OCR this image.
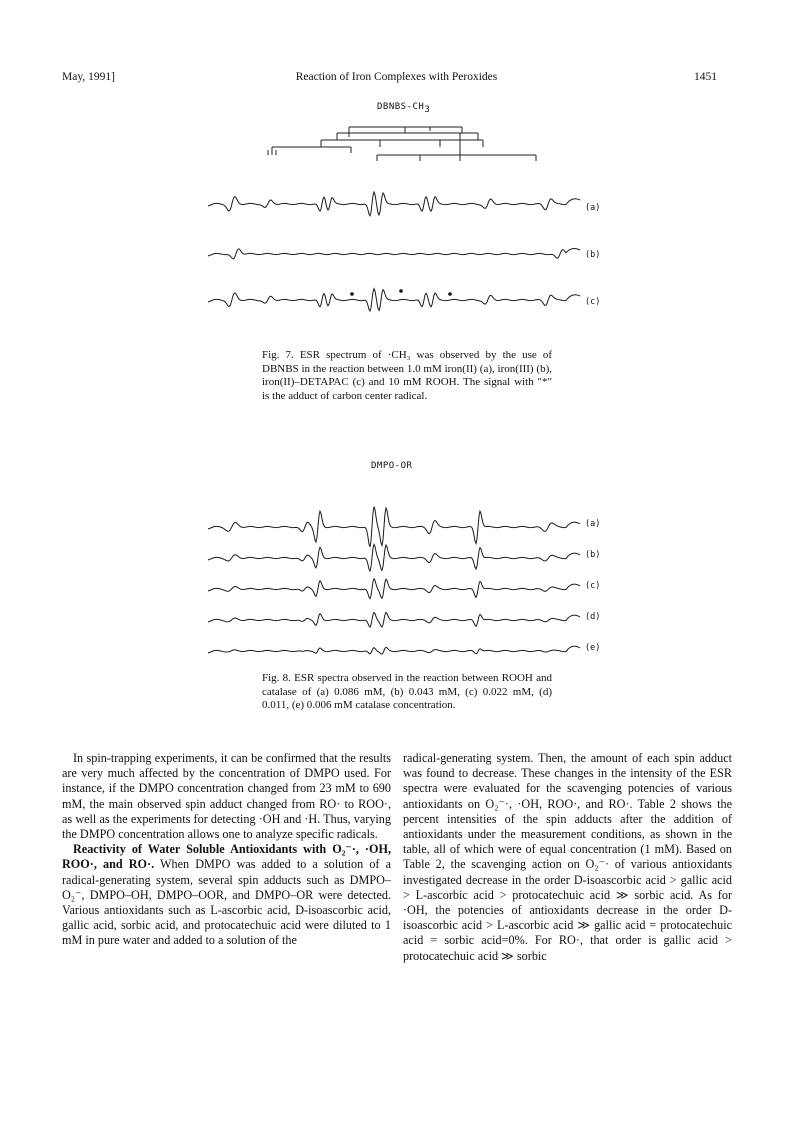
May, 1991]	Reaction of Iron Complexes with Peroxides	1451
DBNBS-$CH_3$
(a)
(b)
(c)
Fig. 7. ESR spectrum of ·CH₃ was observed by the use of DBNBS in the reaction between 1.0 mM iron(II) (a), iron(III) (b), iron(II)–DETAPAC (c) and 10 mM ROOH. The signal with "*" is the adduct of carbon center radical.
DMPO-OR
(a)
(b)
(c)
(d)
(e)
Fig. 8. ESR spectra observed in the reaction between ROOH and catalase of (a) 0.086 mM, (b) 0.043 mM, (c) 0.022 mM, (d) 0.011, (e) 0.006 mM catalase concentration.

In spin-trapping experiments, it can be confirmed that the results are very much affected by the concentration of DMPO used. For instance, if the DMPO concentration changed from 23 mM to 690 mM, the main observed spin adduct changed from RO· to ROO·, as well as the experiments for detecting ·OH and ·H. Thus, varying the DMPO concentration allows one to analyze specific radicals.

Reactivity of Water Soluble Antioxidants with O₂⁻·, ·OH, ROO·, and RO·. When DMPO was added to a solution of a radical-generating system, several spin adducts such as DMPO–O₂⁻, DMPO–OH, DMPO–OOR, and DMPO–OR were detected. Various antioxidants such as L-ascorbic acid, D-isoascorbic acid, gallic acid, sorbic acid, and protocatechuic acid were diluted to 1 mM in pure water and added to a solution of the

radical-generating system. Then, the amount of each spin adduct was found to decrease. These changes in the intensity of the ESR spectra were evaluated for the scavenging potencies of various antioxidants on O₂⁻·, ·OH, ROO·, and RO·. Table 2 shows the percent intensities of the spin adducts after the addition of antioxidants under the measurement conditions, as shown in the table, all of which were of equal concentration (1 mM). Based on Table 2, the scavenging action on O₂⁻· of various antioxidants investigated decrease in the order D-isoascorbic acid > gallic acid > L-ascorbic acid > protocatechuic acid ≫ sorbic acid. As for ·OH, the potencies of antioxidants decrease in the order D-isoascorbic acid > L-ascorbic acid ≫ gallic acid = protocatechuic acid = sorbic acid=0%. For RO·, that order is gallic acid > protocatechuic acid ≫ sorbic
